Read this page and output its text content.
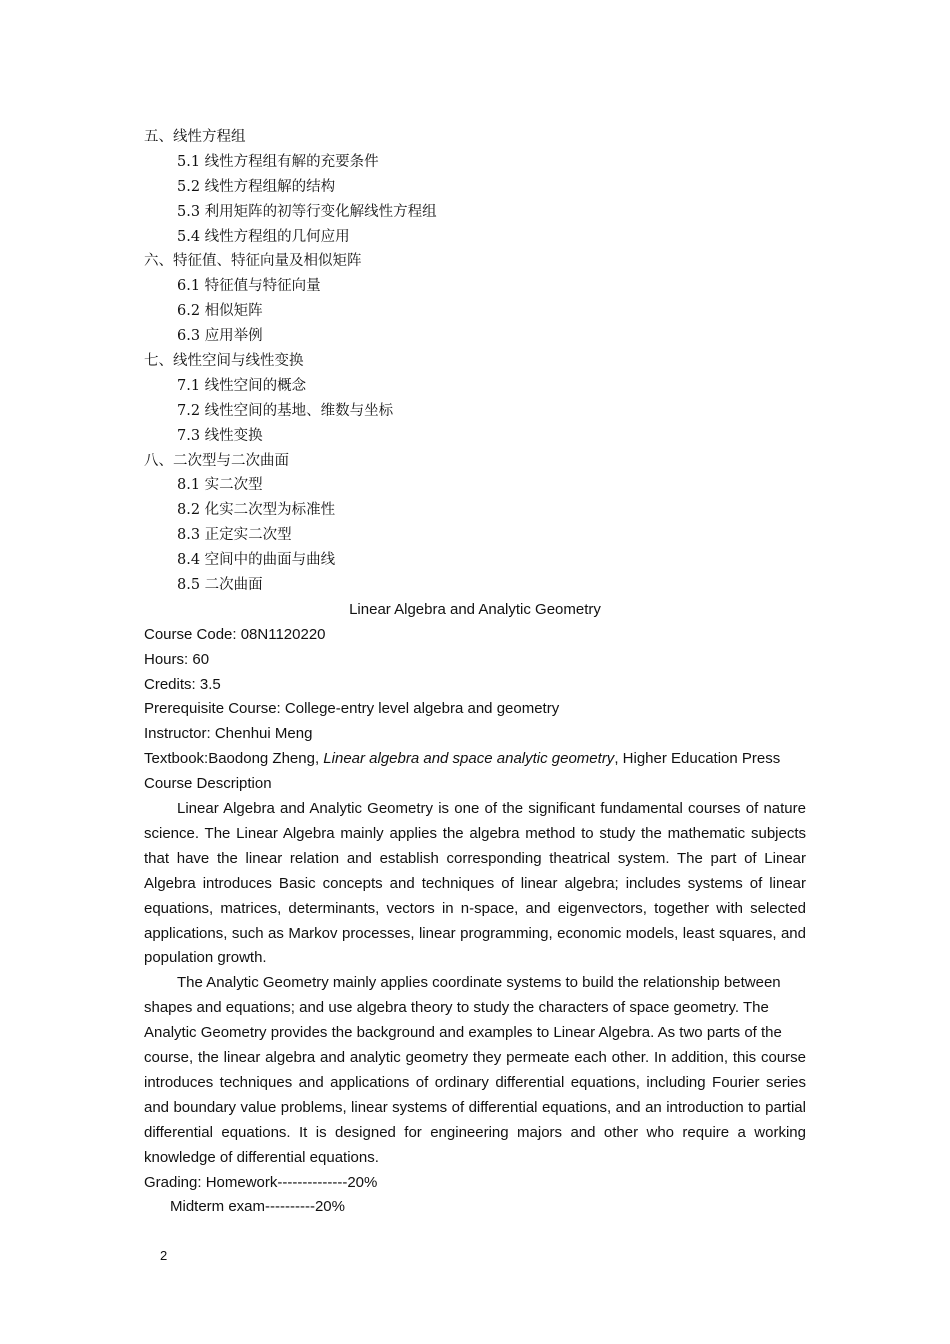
五、线性方程组
5.1 线性方程组有解的充要条件
5.2 线性方程组解的结构
5.3 利用矩阵的初等行变化解线性方程组
5.4 线性方程组的几何应用
六、特征值、特征向量及相似矩阵
6.1 特征值与特征向量
6.2 相似矩阵
6.3 应用举例
七、线性空间与线性变换
7.1 线性空间的概念
7.2 线性空间的基地、维数与坐标
7.3 线性变换
八、二次型与二次曲面
8.1 实二次型
8.2 化实二次型为标准性
8.3 正定实二次型
8.4 空间中的曲面与曲线
8.5 二次曲面
Linear Algebra and Analytic Geometry
Course Code: 08N1120220
Hours: 60
Credits: 3.5
Prerequisite Course: College-entry level algebra and geometry
Instructor: Chenhui Meng
Textbook:Baodong Zheng, Linear algebra and space analytic geometry, Higher Education Press
Course Description

Linear Algebra and Analytic Geometry is one of the significant fundamental courses of nature science. The Linear Algebra mainly applies the algebra method to study the mathematic subjects that have the linear relation and establish corresponding theatrical system. The part of Linear Algebra introduces Basic concepts and techniques of linear algebra; includes systems of linear equations, matrices, determinants, vectors in n-space, and eigenvectors, together with selected applications, such as Markov processes, linear programming, economic models, least squares, and population growth.

The Analytic Geometry mainly applies coordinate systems to build the relationship between
shapes and equations; and use algebra theory to study the characters of space geometry. The
Analytic Geometry provides the background and examples to Linear Algebra. As two parts of the

course, the linear algebra and analytic geometry they permeate each other. In addition, this course introduces techniques and applications of ordinary differential equations, including Fourier series and boundary value problems, linear systems of differential equations, and an introduction to partial differential equations. It is designed for engineering majors and other who require a working knowledge of differential equations.

Grading: Homework--------------20%
Midterm exam----------20%
2
